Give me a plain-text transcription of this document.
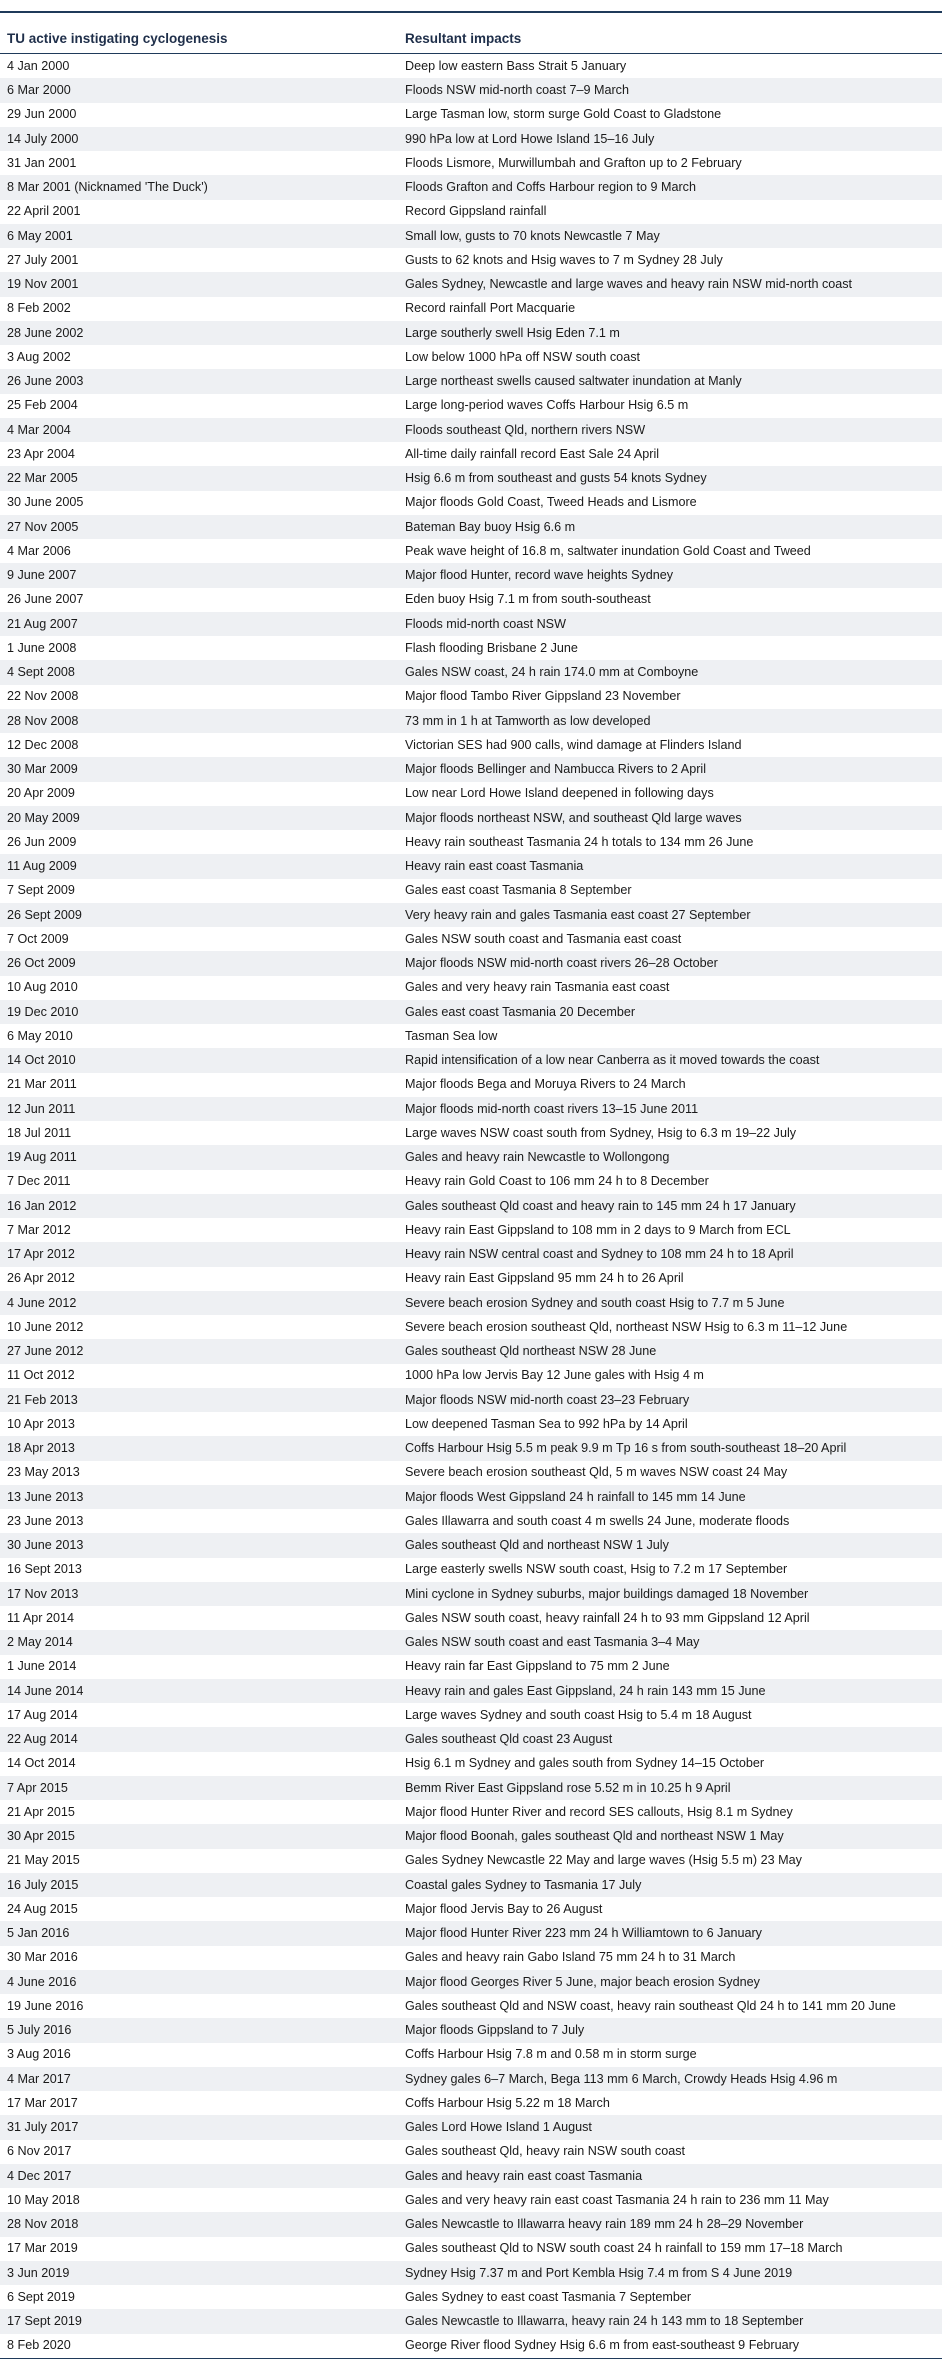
TU active instigating cyclogenesis	Resultant impacts
4 Jan 2000	Deep low eastern Bass Strait 5 January
6 Mar 2000	Floods NSW mid-north coast 7–9 March
29 Jun 2000	Large Tasman low, storm surge Gold Coast to Gladstone
14 July 2000	990 hPa low at Lord Howe Island 15–16 July
31 Jan 2001	Floods Lismore, Murwillumbah and Grafton up to 2 February
8 Mar 2001 (Nicknamed 'The Duck')	Floods Grafton and Coffs Harbour region to 9 March
22 April 2001	Record Gippsland rainfall
6 May 2001	Small low, gusts to 70 knots Newcastle 7 May
27 July 2001	Gusts to 62 knots and Hsig waves to 7 m Sydney 28 July
19 Nov 2001	Gales Sydney, Newcastle and large waves and heavy rain NSW mid-north coast
8 Feb 2002	Record rainfall Port Macquarie
28 June 2002	Large southerly swell Hsig Eden 7.1 m
3 Aug 2002	Low below 1000 hPa off NSW south coast
26 June 2003	Large northeast swells caused saltwater inundation at Manly
25 Feb 2004	Large long-period waves Coffs Harbour Hsig 6.5 m
4 Mar 2004	Floods southeast Qld, northern rivers NSW
23 Apr 2004	All-time daily rainfall record East Sale 24 April
22 Mar 2005	Hsig 6.6 m from southeast and gusts 54 knots Sydney
30 June 2005	Major floods Gold Coast, Tweed Heads and Lismore
27 Nov 2005	Bateman Bay buoy Hsig 6.6 m
4 Mar 2006	Peak wave height of 16.8 m, saltwater inundation Gold Coast and Tweed
9 June 2007	Major flood Hunter, record wave heights Sydney
26 June 2007	Eden buoy Hsig 7.1 m from south-southeast
21 Aug 2007	Floods mid-north coast NSW
1 June 2008	Flash flooding Brisbane 2 June
4 Sept 2008	Gales NSW coast, 24 h rain 174.0 mm at Comboyne
22 Nov 2008	Major flood Tambo River Gippsland 23 November
28 Nov 2008	73 mm in 1 h at Tamworth as low developed
12 Dec 2008	Victorian SES had 900 calls, wind damage at Flinders Island
30 Mar 2009	Major floods Bellinger and Nambucca Rivers to 2 April
20 Apr 2009	Low near Lord Howe Island deepened in following days
20 May 2009	Major floods northeast NSW, and southeast Qld large waves
26 Jun 2009	Heavy rain southeast Tasmania 24 h totals to 134 mm 26 June
11 Aug 2009	Heavy rain east coast Tasmania
7 Sept 2009	Gales east coast Tasmania 8 September
26 Sept 2009	Very heavy rain and gales Tasmania east coast 27 September
7 Oct 2009	Gales NSW south coast and Tasmania east coast
26 Oct 2009	Major floods NSW mid-north coast rivers 26–28 October
10 Aug 2010	Gales and very heavy rain Tasmania east coast
19 Dec 2010	Gales east coast Tasmania 20 December
6 May 2010	Tasman Sea low
14 Oct 2010	Rapid intensification of a low near Canberra as it moved towards the coast
21 Mar 2011	Major floods Bega and Moruya Rivers to 24 March
12 Jun 2011	Major floods mid-north coast rivers 13–15 June 2011
18 Jul 2011	Large waves NSW coast south from Sydney, Hsig to 6.3 m 19–22 July
19 Aug 2011	Gales and heavy rain Newcastle to Wollongong
7 Dec 2011	Heavy rain Gold Coast to 106 mm 24 h to 8 December
16 Jan 2012	Gales southeast Qld coast and heavy rain to 145 mm 24 h 17 January
7 Mar 2012	Heavy rain East Gippsland to 108 mm in 2 days to 9 March from ECL
17 Apr 2012	Heavy rain NSW central coast and Sydney to 108 mm 24 h to 18 April
26 Apr 2012	Heavy rain East Gippsland 95 mm 24 h to 26 April
4 June 2012	Severe beach erosion Sydney and south coast Hsig to 7.7 m 5 June
10 June 2012	Severe beach erosion southeast Qld, northeast NSW Hsig to 6.3 m 11–12 June
27 June 2012	Gales southeast Qld northeast NSW 28 June
11 Oct 2012	1000 hPa low Jervis Bay 12 June gales with Hsig 4 m
21 Feb 2013	Major floods NSW mid-north coast 23–23 February
10 Apr 2013	Low deepened Tasman Sea to 992 hPa by 14 April
18 Apr 2013	Coffs Harbour Hsig 5.5 m peak 9.9 m Tp 16 s from south-southeast 18–20 April
23 May 2013	Severe beach erosion southeast Qld, 5 m waves NSW coast 24 May
13 June 2013	Major floods West Gippsland 24 h rainfall to 145 mm 14 June
23 June 2013	Gales Illawarra and south coast 4 m swells 24 June, moderate floods
30 June 2013	Gales southeast Qld and northeast NSW 1 July
16 Sept 2013	Large easterly swells NSW south coast, Hsig to 7.2 m 17 September
17 Nov 2013	Mini cyclone in Sydney suburbs, major buildings damaged 18 November
11 Apr 2014	Gales NSW south coast, heavy rainfall 24 h to 93 mm Gippsland 12 April
2 May 2014	Gales NSW south coast and east Tasmania 3–4 May
1 June 2014	Heavy rain far East Gippsland to 75 mm 2 June
14 June 2014	Heavy rain and gales East Gippsland, 24 h rain 143 mm 15 June
17 Aug 2014	Large waves Sydney and south coast Hsig to 5.4 m 18 August
22 Aug 2014	Gales southeast Qld coast 23 August
14 Oct 2014	Hsig 6.1 m Sydney and gales south from Sydney 14–15 October
7 Apr 2015	Bemm River East Gippsland rose 5.52 m in 10.25 h 9 April
21 Apr 2015	Major flood Hunter River and record SES callouts, Hsig 8.1 m Sydney
30 Apr 2015	Major flood Boonah, gales southeast Qld and northeast NSW 1 May
21 May 2015	Gales Sydney Newcastle 22 May and large waves (Hsig 5.5 m) 23 May
16 July 2015	Coastal gales Sydney to Tasmania 17 July
24 Aug 2015	Major flood Jervis Bay to 26 August
5 Jan 2016	Major flood Hunter River 223 mm 24 h Williamtown to 6 January
30 Mar 2016	Gales and heavy rain Gabo Island 75 mm 24 h to 31 March
4 June 2016	Major flood Georges River 5 June, major beach erosion Sydney
19 June 2016	Gales southeast Qld and NSW coast, heavy rain southeast Qld 24 h to 141 mm 20 June
5 July 2016	Major floods Gippsland to 7 July
3 Aug 2016	Coffs Harbour Hsig 7.8 m and 0.58 m in storm surge
4 Mar 2017	Sydney gales 6–7 March, Bega 113 mm 6 March, Crowdy Heads Hsig 4.96 m
17 Mar 2017	Coffs Harbour Hsig 5.22 m 18 March
31 July 2017	Gales Lord Howe Island 1 August
6 Nov 2017	Gales southeast Qld, heavy rain NSW south coast
4 Dec 2017	Gales and heavy rain east coast Tasmania
10 May 2018	Gales and very heavy rain east coast Tasmania 24 h rain to 236 mm 11 May
28 Nov 2018	Gales Newcastle to Illawarra heavy rain 189 mm 24 h 28–29 November
17 Mar 2019	Gales southeast Qld to NSW south coast 24 h rainfall to 159 mm 17–18 March
3 Jun 2019	Sydney Hsig 7.37 m and Port Kembla Hsig 7.4 m from S 4 June 2019
6 Sept 2019	Gales Sydney to east coast Tasmania 7 September
17 Sept 2019	Gales Newcastle to Illawarra, heavy rain 24 h 143 mm to 18 September
8 Feb 2020	George River flood Sydney Hsig 6.6 m from east-southeast 9 February
